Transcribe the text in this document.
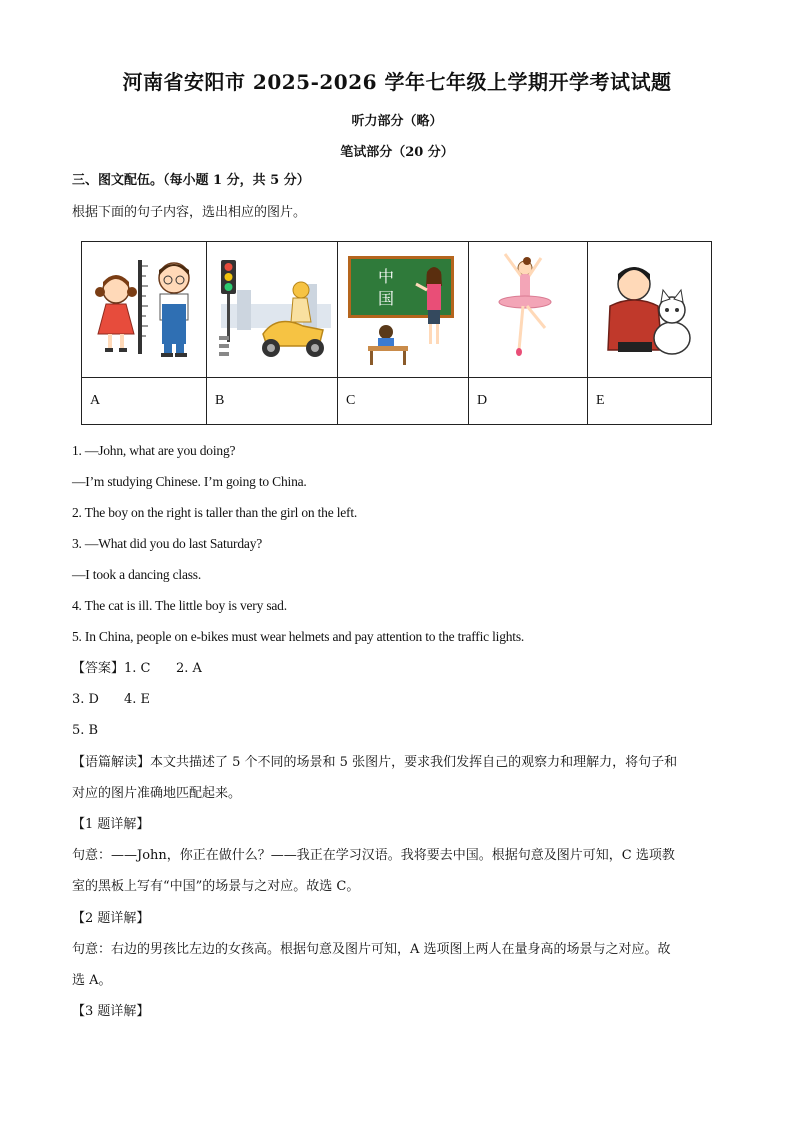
河南省安阳市 2025-2026 学年七年级上学期开学考试试题
听力部分（略）
笔试部分（20 分）
三、图文配伍。（每小题 1 分，共 5 分）
根据下面的句子内容，选出相应的图片。

中
国

A	B	C	D	E
1. —John, what are you doing?
—I’m studying Chinese. I’m going to China.
2. The boy on the right is taller than the girl on the left.
3. —What did you do last Saturday?
—I took a dancing class.
4. The cat is ill. The little boy is very sad.
5. In China, people on e-bikes must wear helmets and pay attention to the traffic lights.
【答案】1. C 2. A
3. D 4. E
5. B
【语篇解读】本文共描述了 5 个不同的场景和 5 张图片，要求我们发挥自己的观察力和理解力，将句子和
对应的图片准确地匹配起来。
【1 题详解】
句意：——John，你正在做什么？——我正在学习汉语。我将要去中国。根据句意及图片可知，C 选项教
室的黑板上写有“中国”的场景与之对应。故选 C。
【2 题详解】
句意：右边的男孩比左边的女孩高。根据句意及图片可知，A 选项图上两人在量身高的场景与之对应。故
选 A。
【3 题详解】
